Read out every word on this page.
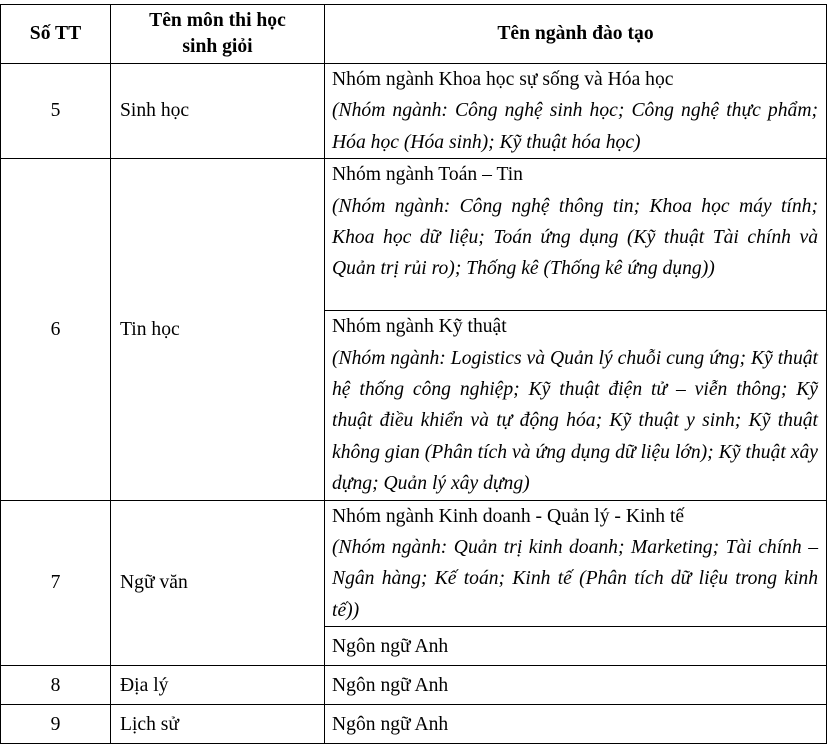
Số TT	Tên môn thi học sinh giỏi	Tên ngành đào tạo
5	Sinh học	Nhóm ngành Khoa học sự sống và Hóa học
(Nhóm ngành: Công nghệ sinh học; Công nghệ thực phẩm; Hóa học (Hóa sinh); Kỹ thuật hóa học)

6	Tin học	Nhóm ngành Toán – Tin
(Nhóm ngành: Công nghệ thông tin; Khoa học máy tính; Khoa học dữ liệu; Toán ứng dụng (Kỹ thuật Tài chính và Quản trị rủi ro); Thống kê (Thống kê ứng dụng))

		Nhóm ngành Kỹ thuật
(Nhóm ngành: Logistics và Quản lý chuỗi cung ứng; Kỹ thuật hệ thống công nghiệp; Kỹ thuật điện tử – viễn thông; Kỹ thuật điều khiển và tự động hóa; Kỹ thuật y sinh; Kỹ thuật không gian (Phân tích và ứng dụng dữ liệu lớn); Kỹ thuật xây dựng; Quản lý xây dựng)

7	Ngữ văn	Nhóm ngành Kinh doanh - Quản lý - Kinh tế
(Nhóm ngành: Quản trị kinh doanh; Marketing; Tài chính – Ngân hàng; Kế toán; Kinh tế (Phân tích dữ liệu trong kinh tế))

		Ngôn ngữ Anh
8	Địa lý	Ngôn ngữ Anh
9	Lịch sử	Ngôn ngữ Anh
